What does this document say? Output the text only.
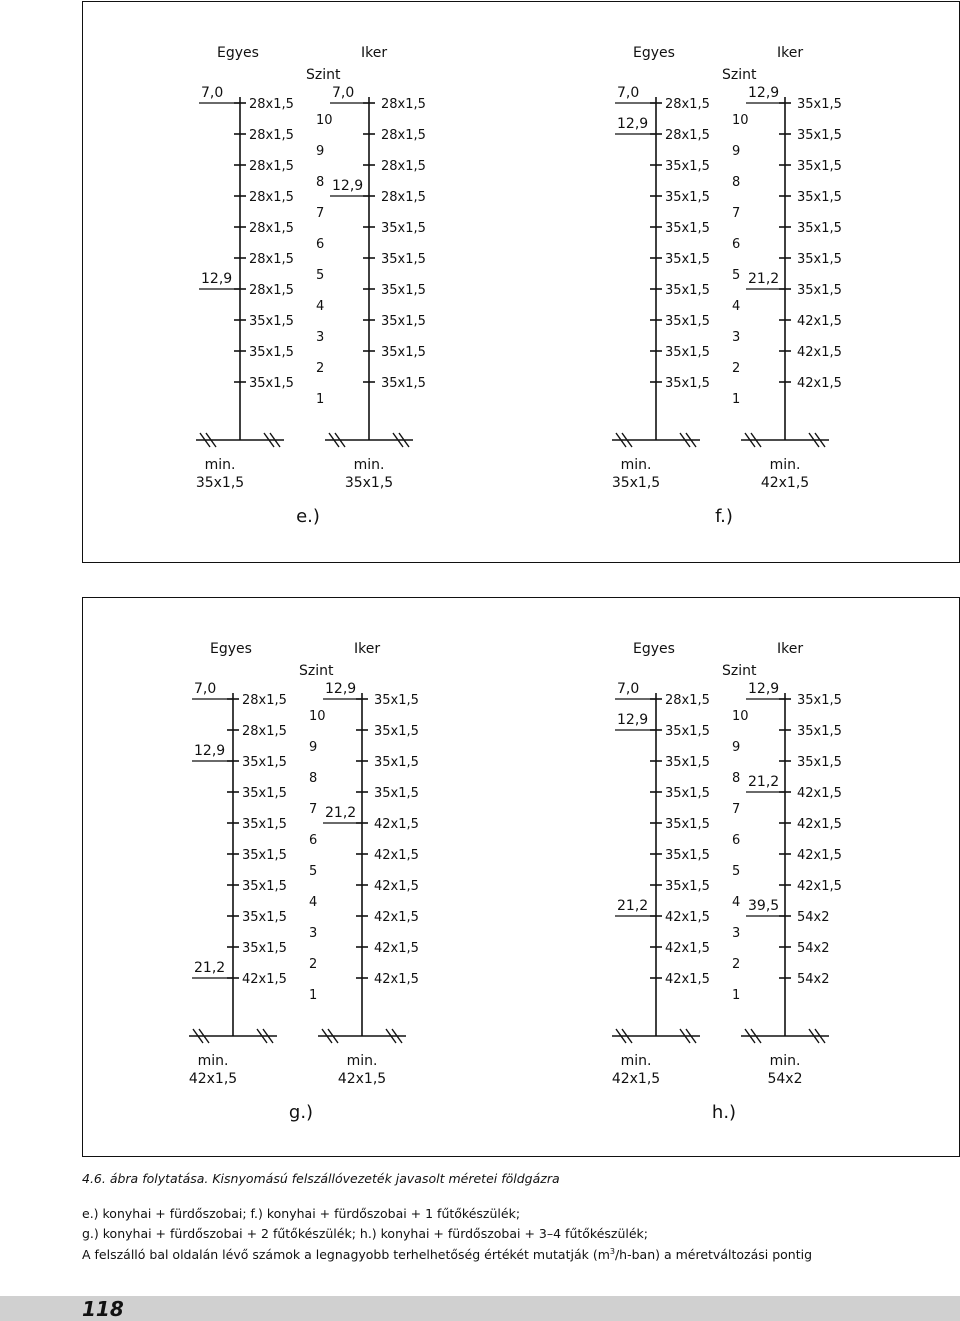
Egyes	Iker
Szint
28x1,5	28x1,5
10
28x1,5	28x1,5
9
28x1,5	28x1,5
8
28x1,5	28x1,5
7
28x1,5	35x1,5
6
28x1,5	35x1,5
5
28x1,5	35x1,5
4
35x1,5	35x1,5
3
35x1,5	35x1,5
2
35x1,5	35x1,5
1
7,0
12,9
7,0
12,9
min.
35x1,5
min.
35x1,5
e.)
Egyes	Iker
Szint
28x1,5	35x1,5
10
28x1,5	35x1,5
9
35x1,5	35x1,5
8
35x1,5	35x1,5
7
35x1,5	35x1,5
6
35x1,5	35x1,5
5
35x1,5	35x1,5
4
35x1,5	42x1,5
3
35x1,5	42x1,5
2
35x1,5	42x1,5
1
7,0
12,9
12,9
21,2
min.
35x1,5
min.
42x1,5
f.)
Egyes	Iker
Szint
28x1,5	35x1,5
10
28x1,5	35x1,5
9
35x1,5	35x1,5
8
35x1,5	35x1,5
7
35x1,5	42x1,5
6
35x1,5	42x1,5
5
35x1,5	42x1,5
4
35x1,5	42x1,5
3
35x1,5	42x1,5
2
42x1,5	42x1,5
1
7,0
12,9
21,2
12,9
21,2
min.
42x1,5
min.
42x1,5
g.)
Egyes	Iker
Szint
28x1,5	35x1,5
10
35x1,5	35x1,5
9
35x1,5	35x1,5
8
35x1,5	42x1,5
7
35x1,5	42x1,5
6
35x1,5	42x1,5
5
35x1,5	42x1,5
4
42x1,5	54x2
3
42x1,5	54x2
2
42x1,5	54x2
1
7,0
12,9
21,2
12,9
21,2
39,5
min.
42x1,5
min.
54x2
h.)
4.6. ábra folytatása. Kisnyomású felszállóvezeték javasolt méretei földgázra
e.) konyhai + fürdőszobai; f.) konyhai + fürdőszobai + 1 fűtőkészülék;
g.) konyhai + fürdőszobai + 2 fűtőkészülék; h.) konyhai + fürdőszobai + 3–4 fűtőkészülék;
A felszálló bal oldalán lévő számok a legnagyobb terhelhetőség értékét mutatják $(m^3/h-ban)$ a méretváltozási pontig
118
